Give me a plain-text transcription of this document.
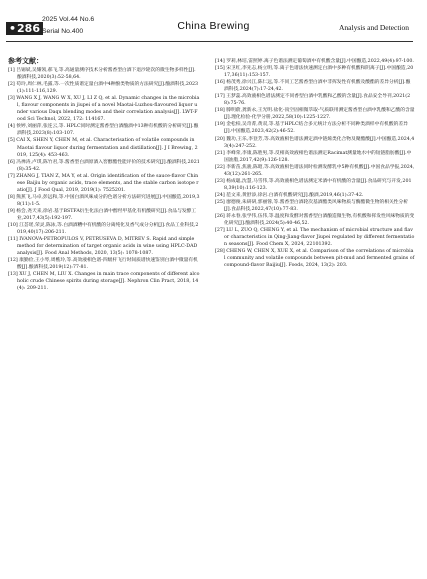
• 286
2025 Vol.44 No.6
Serial No.400	China Brewing	Analysis and Detection
参考文献：

[1] 吕锡斌,吴耀领,郝飞,等.高通量测序技术分析酱香型白酒下退沙轮次的微生物多样性[J].酿酒科技,2020(3):52-58,64.

[2] 苟玲,周仁林,毛露,等.一次性质谱定量白酒中4种酚类物质的方法研究[J].酿酒科技,2023(1):111-116,129.

[3] WANG X J, WANG W X, XU J, LI Z Q, et al. Dynamic changes in the microbial, flavour components in jiupei of a novel Maotai-Luzhou-flavoured liquor under various Daqu blending modes and their correlation analysis[J]. LWT-Food Sci Technol, 2022, 172: 114167.

[4] 侯婷,刘丽萍,张连云,等. HPLC同时测定酱香型白酒酿酒中13种有机酸的分析研究[J].酿酒科技,2023(8):103-107.

[5] CAI X, SHEN Y, CHEN M, et al. Characterisation of volatile compounds in Maotai flavour liquor during fermentation and distillation[J]. J I Brewing, 2019, 125(4): 453-463.

[6] 冯禅涛,卢琪,陈竹君,等.酱香型白酒原酒入窖醇酯性能评价的技术研究[J].酿酒科技,2021(8):35-42.

[7] ZHANG J, TIAN Z, MA Y, et al. Origin identification of the sauce-flavor Chinese Baijiu by organic acids, trace elements, and the stable carbon isotope ratio[J]. J Food Qual, 2019, 2019(1): 7525201.

[8] 熊蕉飞,马卓,彭远和,等.中国白酒风味成分的色谱分析方法研究进展[J].中国酿造,2019,38(11):1-5.

[9] 杨会,尧天来,徐岩.基于BSTFA衍生化法白酒中醇羟甲基化有机酸研究[J].食品与发酵工业,2017,43(5):192-197.

[10] 江荟瑶,荣灵,陈泳,等.白酒酒糟中有机酸的分离纯化及香气成分分析[J].食品工业科技,2019,40(17):206-211.

[11] IVANOVA-PETROPULOS V, PETRUSEVA D, MITREV S. Rapid and simple method for determination of target organic acids in wine using HPLC-DAD analysis[J]. Food Anal Methods, 2020, 13(5): 1078-1087.

[12] 康勤俭,王小琴,周樵玲,等.高效液相色谱-四级杆飞行时间质谱快速鉴别白酒中微量有机酸[J].酿酒科技,2019(12):77-81.

[13] XU J, CHEN M, LIU X. Changes in main trace components of different alcoholic crude Chinese spirits during storage[J]. Nephron Clin Pract, 2018, 14(4): 209-211.

[14] 罗莉,林培,雷照婷.离子色谱法测定葡萄酒中有机酸含量[J].中国酿造,2022,49(4):97-100.

[15] 宋卫红,李先志,杨立明,等.离子色谱法快速测定白酒中多种有机酸和阴离子[J].中国酿造,2017,36(11):153-157.

[16] 杨茂秀,徐兴江,陈仁远,等.不同工艺酱香型白酒中非挥发性有机酸及酸酯的差异分析[J].酿酒科技,2024(7):17-24,42.

[17] 王梦蕊.高效液相色谱法测定不同香型白酒中乳酸和乙酸的含量[J].食品安全导刊,2021(28):75-76.

[18] 滕明蔚,龚新永,王光明.盐化-顶空固相微萃取-气质联用测定酱香型白酒中乳酸和乙酸的含量[J].理化检验-化学分册,2022,58(10):1225-1227.

[19] 金松柏,吴奇菁,黄双,等.基于HPLC结合多元统计方法分析不同种类酒样中有机酸的差异[J].中国酿造,2023,42(2):46-52.

[20] 魏功,王乐,李登芳,等.高效液相色谱法测定酒中链烯类化合物及聚酯酸[J].中国酿造,2024,43(4):247-252.

[21] 李峰荣,李康,陈胜男,等.反相高效液相色谱法测定Racimat测量地水中的短链脂肪酸[J].中国油脂,2017,42(9):126-128.

[22] 李新苗,焦骏,陈昭,等.高效液相色谱法同时检测发酵乳中5种有机酸[J].中国食品学报,2024,43(12):261-265.

[23] 杨成聪,沈慧,马雪伟,等.高效液相色谱法测定米酒中有机酸的含量[J].食品研究与开发,2018,39(10):116-123.

[24] 范文来,黄舒添,徐岩.白酒有机酸研究[J].酿酒,2019,46(1):37-42.

[25] 廖德俊,朱研研,郭丽蓉,等.酱香型白酒轮次基酒酯类风味物质与酶酯微生物的相关性分析[J].食品科技,2022,47(10):77-83.

[26] 蒋永春,张学伟,伍伟,等.温度和发酵对酱香型白酒酿造微生物,有机酸和挥发性风味物质的变化研究[J].酿酒科技,2024(5):40-46,52.

[27] LU L, ZUO Q, CHENG Y, et al. The mechanism of microbial structure and flavor characteristics in Qing-Jiang-flavor Jiupei regulated by different fermentation seasons[J]. Food Chem X, 2024, 22101392.

[28] CHENG W, CHEN X, XUE X, et al. Comparison of the correlations of microbial community and volatile compounds between pit-mud and fermented grains of compound-flavor Baijiu[J]. Foods, 2024, 13(2): 203.
